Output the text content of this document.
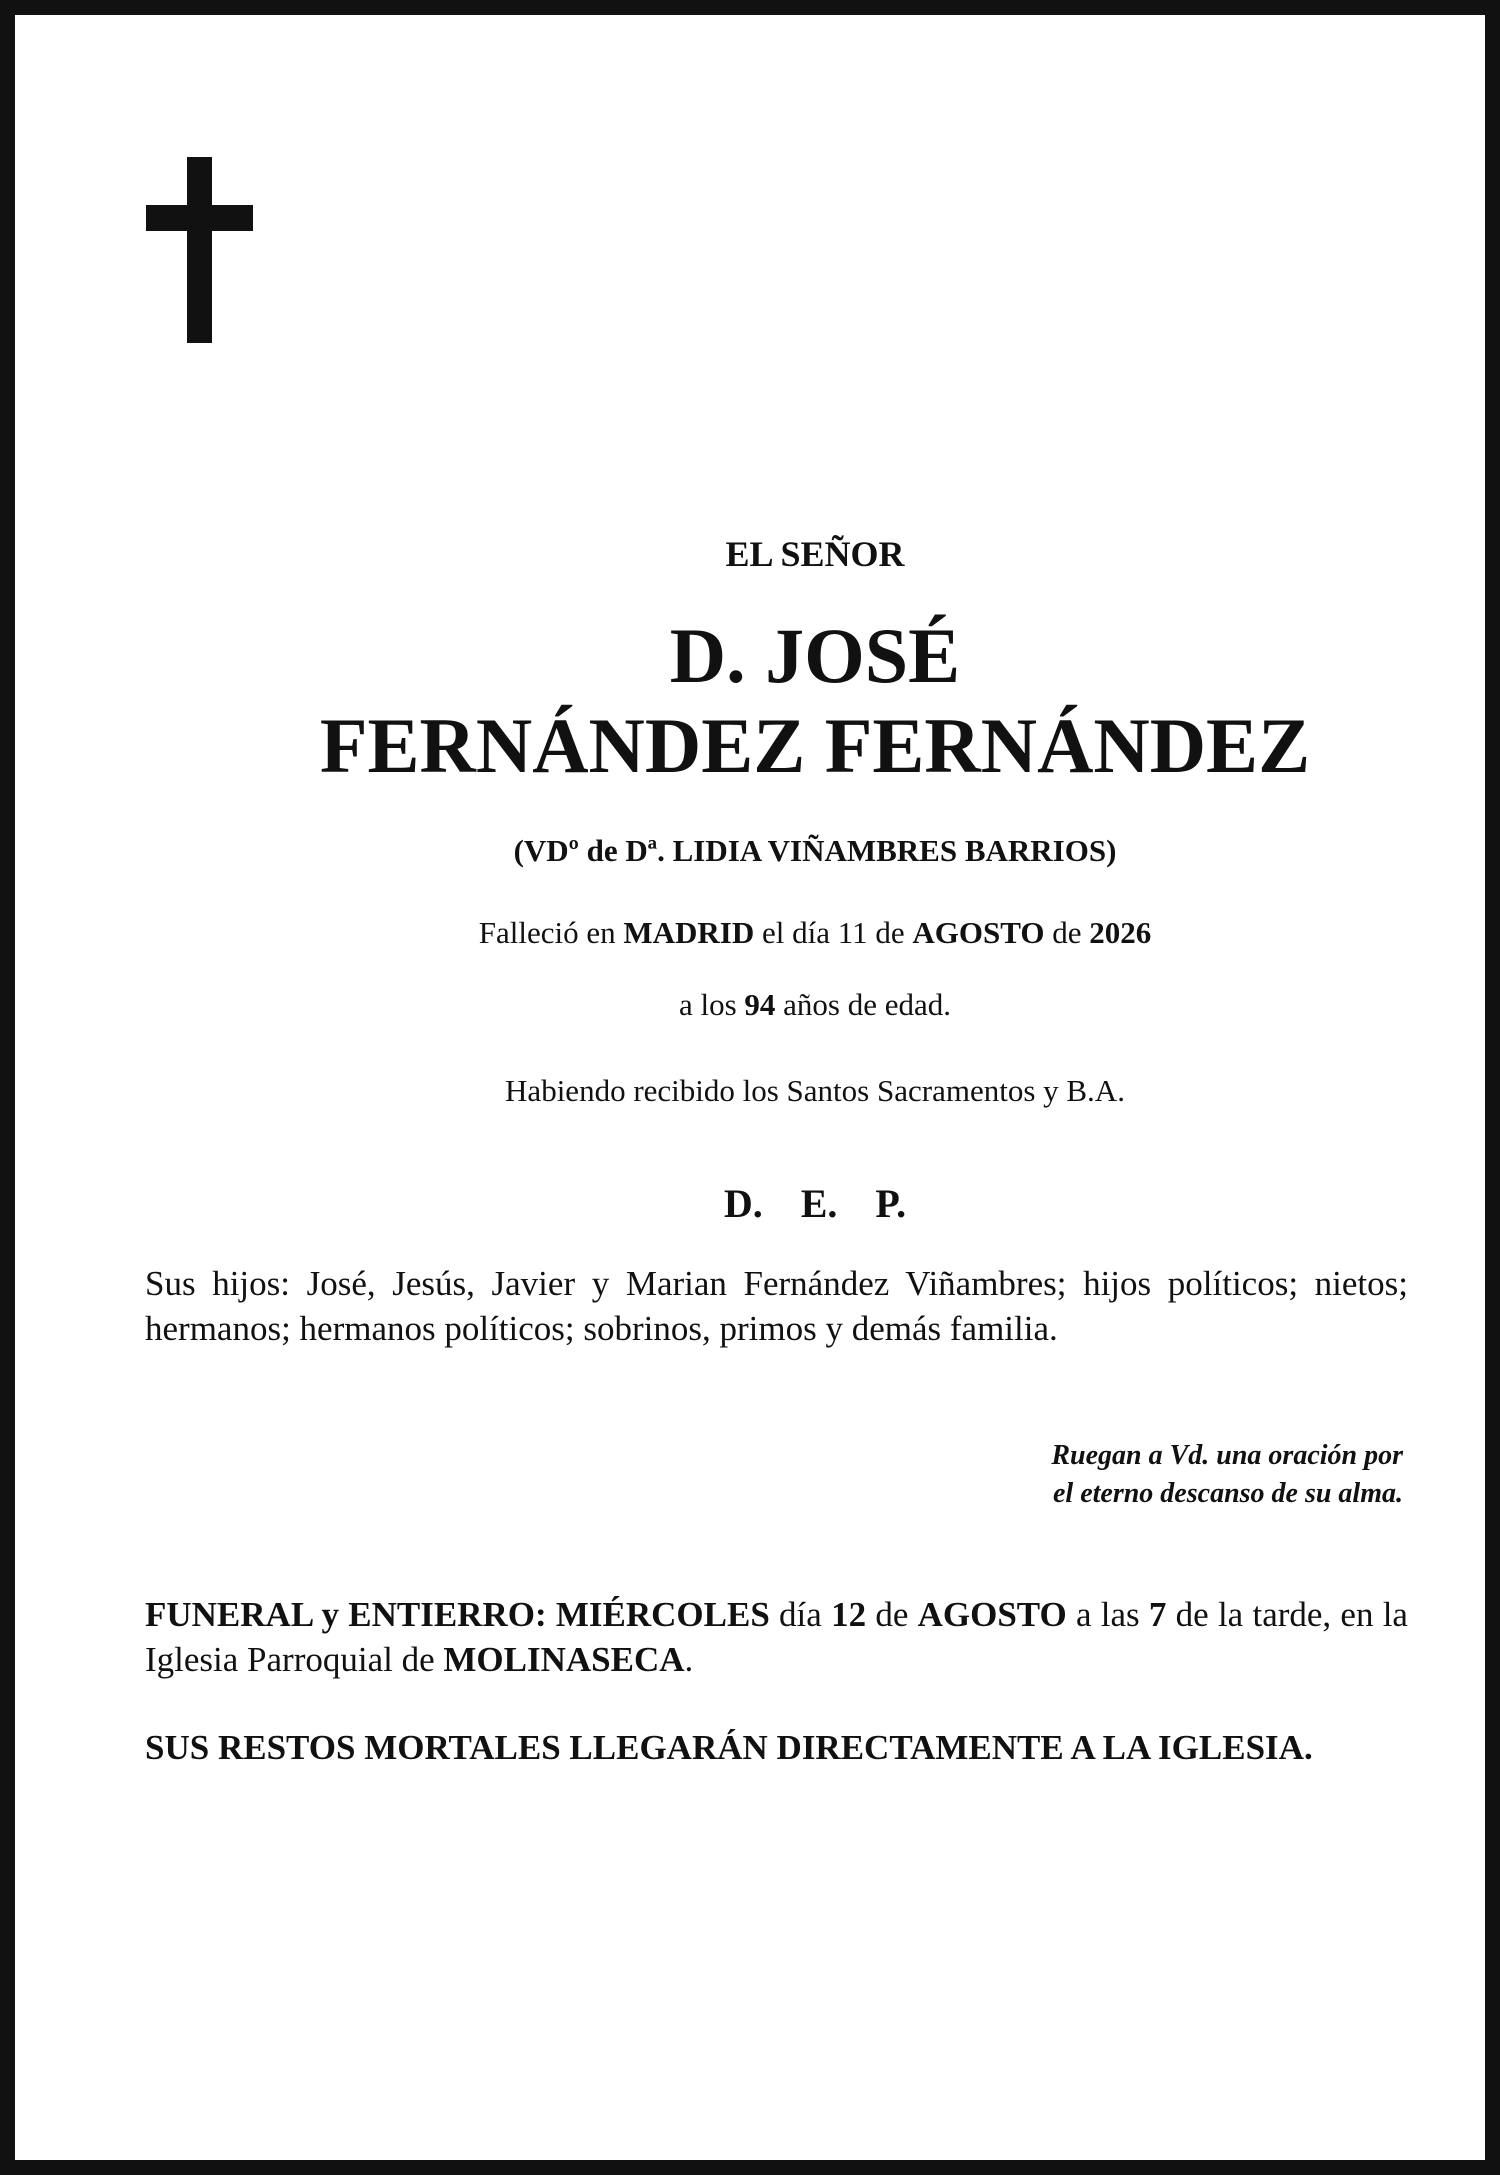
EL SEÑOR
D. JOSÉ
FERNÁNDEZ FERNÁNDEZ
(VDº de Dª. LIDIA VIÑAMBRES BARRIOS)
Falleció en MADRID el día 11 de AGOSTO de 2026
a los 94 años de edad.
Habiendo recibido los Santos Sacramentos y B.A.
D. E. P.
Sus hijos: José, Jesús, Javier y Marian Fernández Viñambres; hijos políticos; nietos; hermanos; hermanos políticos; sobrinos, primos y demás familia.
Ruegan a Vd. una oración por
el eterno descanso de su alma.
FUNERAL y ENTIERRO: MIÉRCOLES día 12 de AGOSTO a las 7 de la tarde, en la Iglesia Parroquial de MOLINASECA.
SUS RESTOS MORTALES LLEGARÁN DIRECTAMENTE A LA IGLESIA.
